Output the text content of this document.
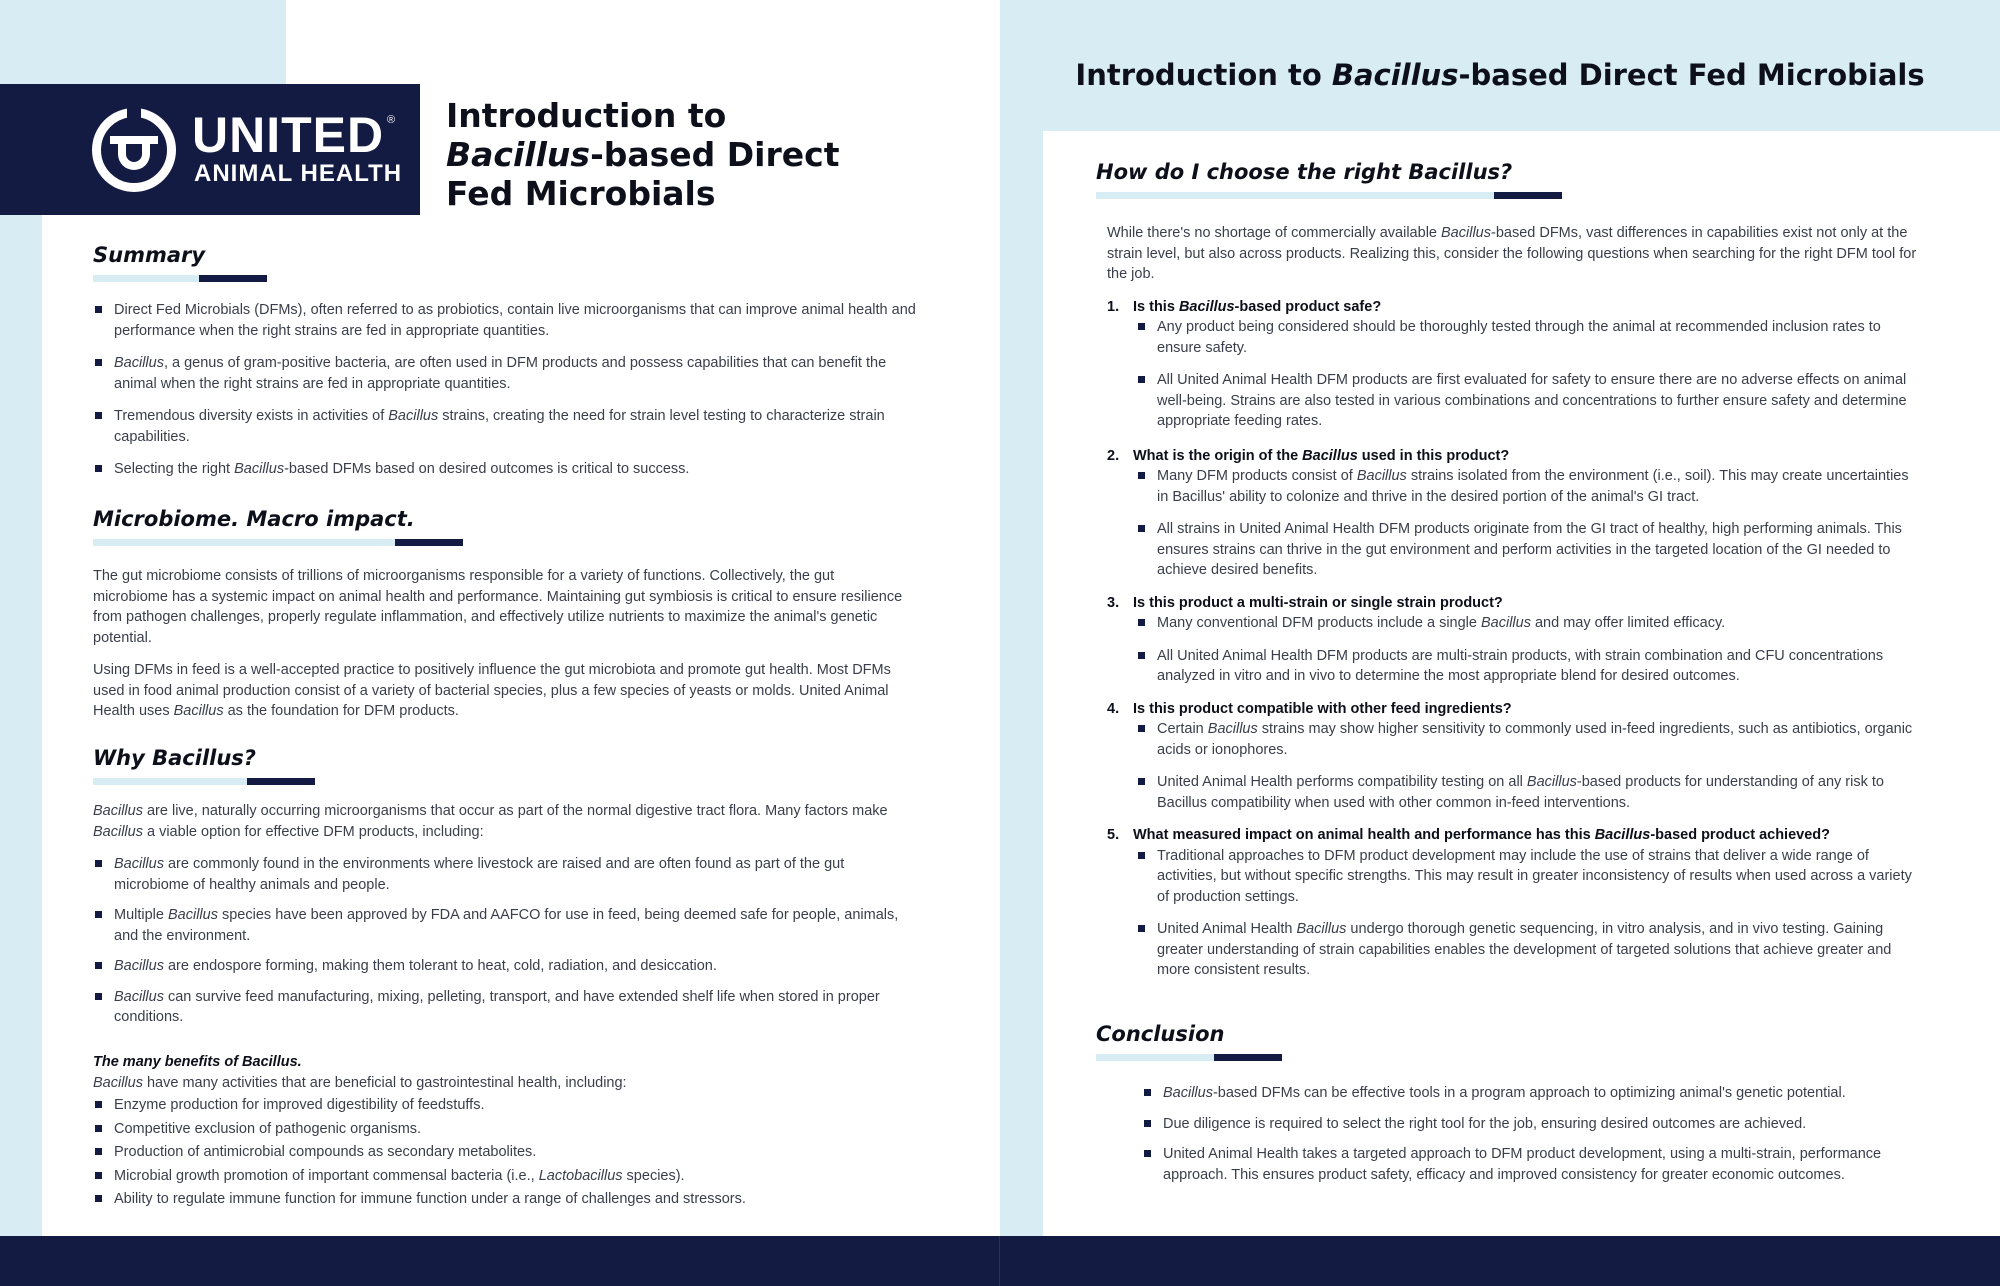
UNITED ®
ANIMAL HEALTH
Introduction to
Bacillus-based Direct
Fed Microbials
Summary
Direct Fed Microbials (DFMs), often referred to as probiotics, contain live microorganisms that can improve animal health and performance when the right strains are fed in appropriate quantities.
Bacillus, a genus of gram-positive bacteria, are often used in DFM products and possess capabilities that can benefit the animal when the right strains are fed in appropriate quantities.
Tremendous diversity exists in activities of Bacillus strains, creating the need for strain level testing to characterize strain capabilities.
Selecting the right Bacillus-based DFMs based on desired outcomes is critical to success.
Microbiome. Macro impact.

The gut microbiome consists of trillions of microorganisms responsible for a variety of functions. Collectively, the gut microbiome has a systemic impact on animal health and performance. Maintaining gut symbiosis is critical to ensure resilience from pathogen challenges, properly regulate inflammation, and effectively utilize nutrients to maximize the animal's genetic potential.

Using DFMs in feed is a well-accepted practice to positively influence the gut microbiota and promote gut health. Most DFMs used in food animal production consist of a variety of bacterial species, plus a few species of yeasts or molds. United Animal Health uses Bacillus as the foundation for DFM products.

Why Bacillus?

Bacillus are live, naturally occurring microorganisms that occur as part of the normal digestive tract flora. Many factors make Bacillus a viable option for effective DFM products, including:

Bacillus are commonly found in the environments where livestock are raised and are often found as part of the gut microbiome of healthy animals and people.
Multiple Bacillus species have been approved by FDA and AAFCO for use in feed, being deemed safe for people, animals, and the environment.
Bacillus are endospore forming, making them tolerant to heat, cold, radiation, and desiccation.
Bacillus can survive feed manufacturing, mixing, pelleting, transport, and have extended shelf life when stored in proper conditions.
The many benefits of Bacillus.

Bacillus have many activities that are beneficial to gastrointestinal health, including:

Enzyme production for improved digestibility of feedstuffs.
Competitive exclusion of pathogenic organisms.
Production of antimicrobial compounds as secondary metabolites.
Microbial growth promotion of important commensal bacteria (i.e., Lactobacillus species).
Ability to regulate immune function for immune function under a range of challenges and stressors.
Introduction to Bacillus-based Direct Fed Microbials
How do I choose the right Bacillus?

While there's no shortage of commercially available Bacillus-based DFMs, vast differences in capabilities exist not only at the strain level, but also across products. Realizing this, consider the following questions when searching for the right DFM tool for the job.

1. Is this Bacillus-based product safe?
Any product being considered should be thoroughly tested through the animal at recommended inclusion rates to ensure safety.
All United Animal Health DFM products are first evaluated for safety to ensure there are no adverse effects on animal well-being. Strains are also tested in various combinations and concentrations to further ensure safety and determine appropriate feeding rates.
2. What is the origin of the Bacillus used in this product?
Many DFM products consist of Bacillus strains isolated from the environment (i.e., soil). This may create uncertainties in Bacillus' ability to colonize and thrive in the desired portion of the animal's GI tract.
All strains in United Animal Health DFM products originate from the GI tract of healthy, high performing animals. This ensures strains can thrive in the gut environment and perform activities in the targeted location of the GI needed to achieve desired benefits.
3. Is this product a multi-strain or single strain product?
Many conventional DFM products include a single Bacillus and may offer limited efficacy.
All United Animal Health DFM products are multi-strain products, with strain combination and CFU concentrations analyzed in vitro and in vivo to determine the most appropriate blend for desired outcomes.
4. Is this product compatible with other feed ingredients?
Certain Bacillus strains may show higher sensitivity to commonly used in-feed ingredients, such as antibiotics, organic acids or ionophores.
United Animal Health performs compatibility testing on all Bacillus-based products for understanding of any risk to Bacillus compatibility when used with other common in-feed interventions.
5. What measured impact on animal health and performance has this Bacillus-based product achieved?
Traditional approaches to DFM product development may include the use of strains that deliver a wide range of activities, but without specific strengths. This may result in greater inconsistency of results when used across a variety of production settings.
United Animal Health Bacillus undergo thorough genetic sequencing, in vitro analysis, and in vivo testing. Gaining greater understanding of strain capabilities enables the development of targeted solutions that achieve greater and more consistent results.
Conclusion
Bacillus-based DFMs can be effective tools in a program approach to optimizing animal's genetic potential.
Due diligence is required to select the right tool for the job, ensuring desired outcomes are achieved.
United Animal Health takes a targeted approach to DFM product development, using a multi-strain, performance approach. This ensures product safety, efficacy and improved consistency for greater economic outcomes.
